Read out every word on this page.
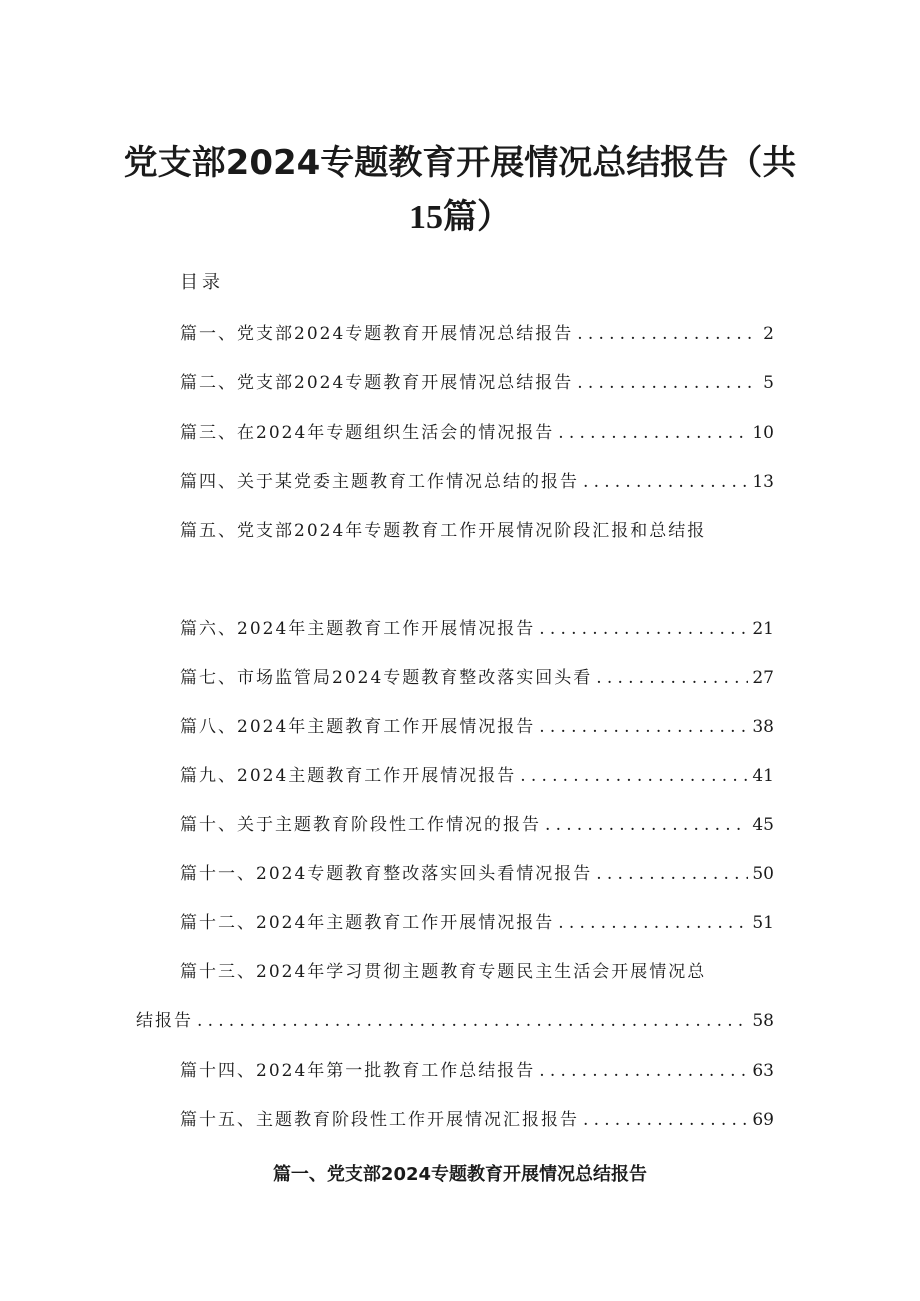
党支部2024专题教育开展情况总结报告（共
15篇）
目录
篇一、党支部2024专题教育开展情况总结报告 .....	2
篇二、党支部2024专题教育开展情况总结报告 .....	5
篇三、在2024年专题组织生活会的情况报告 .....	10
篇四、关于某党委主题教育工作情况总结的报告 .....	13
篇五、党支部2024年专题教育工作开展情况阶段汇报和总结报
篇六、2024年主题教育工作开展情况报告 .....	21
篇七、市场监管局2024专题教育整改落实回头看 .....	27
篇八、2024年主题教育工作开展情况报告 .....	38
篇九、2024主题教育工作开展情况报告 .....	41
篇十、关于主题教育阶段性工作情况的报告 .....	45
篇十一、2024专题教育整改落实回头看情况报告 .....	50
篇十二、2024年主题教育工作开展情况报告 .....	51
篇十三、2024年学习贯彻主题教育专题民主生活会开展情况总
结报告 .....	58
篇十四、2024年第一批教育工作总结报告 .....	63
篇十五、主题教育阶段性工作开展情况汇报报告 .....	69
篇一、党支部2024专题教育开展情况总结报告
